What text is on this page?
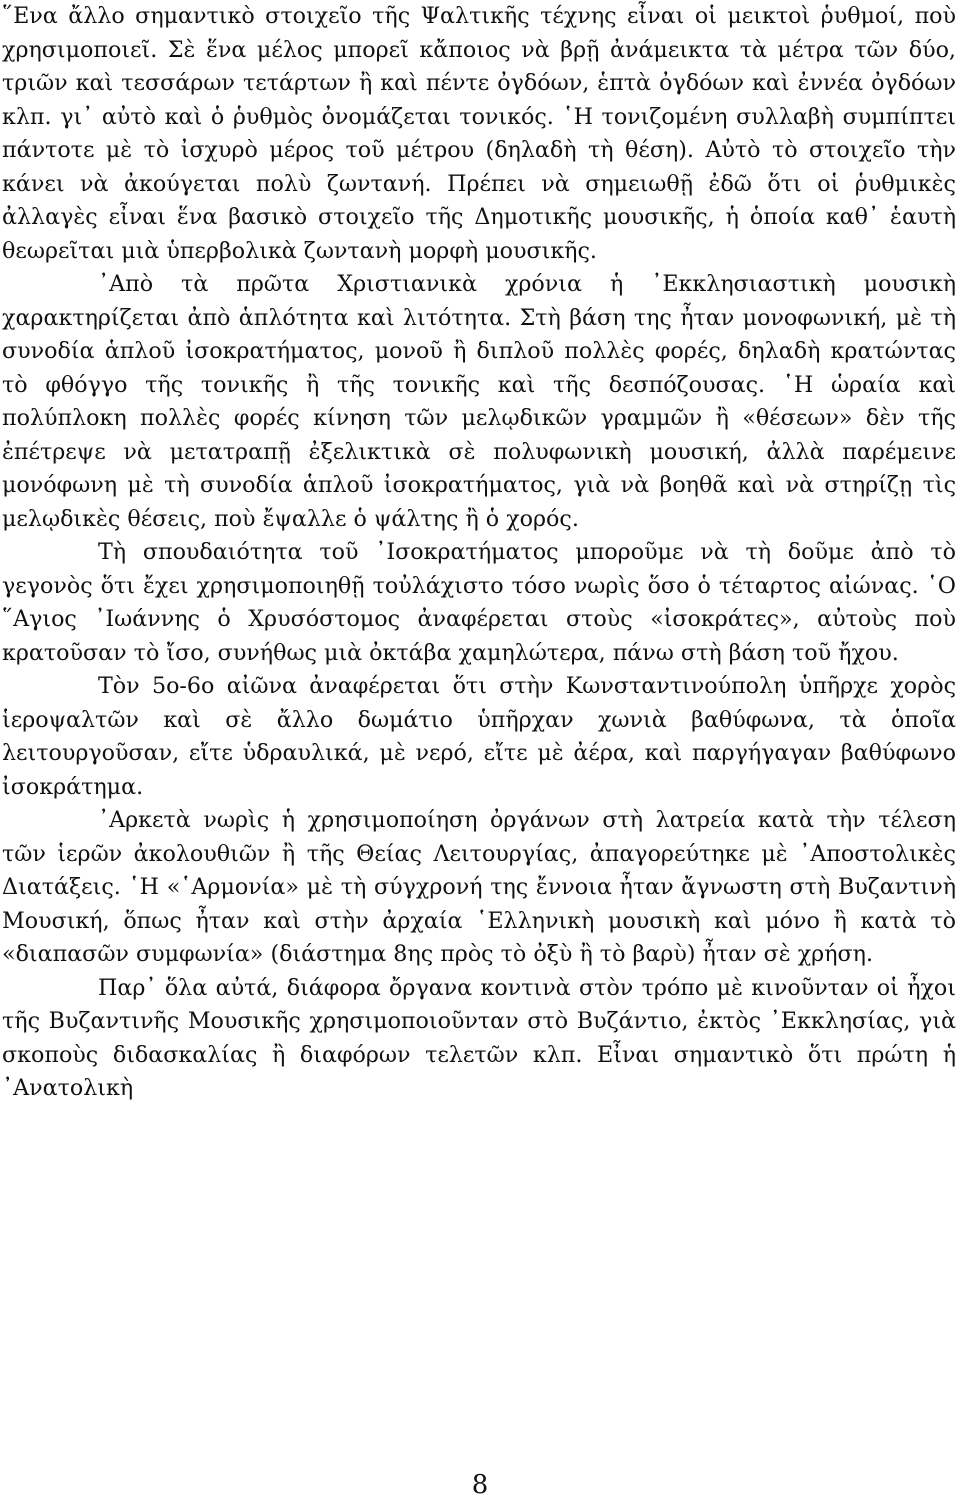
῞Ενα ἄλλο σημαντικὸ στοιχεῖο τῆς Ψαλτικῆς τέχνης εἶναι οἱ μεικτοὶ ῥυθμοί, ποὺ χρησιμοποιεῖ. Σὲ ἕνα μέλος μπορεῖ κἄποιος νὰ βρῇ ἀνάμεικτα τὰ μέτρα τῶν δύο, τριῶν καὶ τεσσάρων τετάρτων ἢ καὶ πέντε ὀγδόων, ἑπτὰ ὀγδόων καὶ ἐννέα ὀγδόων κλπ. γι᾿ αὐτὸ καὶ ὁ ῥυθμὸς ὀνομάζεται τονικός. ῾Η τονιζομένη συλλαβὴ συμπίπτει πάντοτε μὲ τὸ ἰσχυρὸ μέρος τοῦ μέτρου (δηλαδὴ τὴ θέση). Αὐτὸ τὸ στοιχεῖο τὴν κάνει νὰ ἀκούγεται πολὺ ζωντανή. Πρέπει νὰ σημειωθῇ ἐδῶ ὅτι οἱ ῥυθμικὲς ἀλλαγὲς εἶναι ἕνα βασικὸ στοιχεῖο τῆς Δημοτικῆς μουσικῆς, ἡ ὁποία καθ᾿ ἑαυτὴ θεωρεῖται μιὰ ὑπερβολικὰ ζωντανὴ μορφὴ μουσικῆς.

᾿Απὸ τὰ πρῶτα Χριστιανικὰ χρόνια ἡ ᾿Εκκλησιαστικὴ μουσικὴ χαρακτηρίζεται ἀπὸ ἁπλότητα καὶ λιτότητα. Στὴ βάση της ἦταν μονοφωνική, μὲ τὴ συνοδία ἁπλοῦ ἰσοκρατήματος, μονοῦ ἢ διπλοῦ πολλὲς φορές, δηλαδὴ κρατώντας τὸ φθόγγο τῆς τονικῆς ἢ τῆς τονικῆς καὶ τῆς δεσπόζουσας. ῾Η ὡραία καὶ πολύπλοκη πολλὲς φορές κίνηση τῶν μελῳδικῶν γραμμῶν ἢ «θέσεων» δὲν τῆς ἐπέτρεψε νὰ μετατραπῇ ἐξελικτικὰ σὲ πολυφωνικὴ μουσική, ἀλλὰ παρέμεινε μονόφωνη μὲ τὴ συνοδία ἁπλοῦ ἰσοκρατήματος, γιὰ νὰ βοηθᾶ καὶ νὰ στηρίζῃ τὶς μελῳδικὲς θέσεις, ποὺ ἔψαλλε ὁ ψάλτης ἢ ὁ χορός.

Τὴ σπουδαιότητα τοῦ ᾿Ισοκρατήματος μποροῦμε νὰ τὴ δοῦμε ἀπὸ τὸ γεγονὸς ὅτι ἔχει χρησιμοποιηθῇ τοὐλάχιστο τόσο νωρὶς ὅσο ὁ τέταρτος αἰώνας. ῾Ο ῞Αγιος ᾿Ιωάννης ὁ Χρυσόστομος ἀναφέρεται στοὺς «ἰσοκράτες», αὐτοὺς ποὺ κρατοῦσαν τὸ ἴσο, συνήθως μιὰ ὀκτάβα χαμηλώτερα, πάνω στὴ βάση τοῦ ἤχου.

Τὸν 5ο-6ο αἰῶνα ἀναφέρεται ὅτι στὴν Κωνσταντινούπολη ὑπῆρχε χορὸς ἱεροψαλτῶν καὶ σὲ ἄλλο δωμάτιο ὑπῆρχαν χωνιὰ βαθύφωνα, τὰ ὁποῖα λειτουργοῦσαν, εἴτε ὑδραυλικά, μὲ νερό, εἴτε μὲ ἀέρα, καὶ παργήγαγαν βαθύφωνο ἰσοκράτημα.

᾿Αρκετὰ νωρὶς ἡ χρησιμοποίηση ὀργάνων στὴ λατρεία κατὰ τὴν τέλεση τῶν ἱερῶν ἀκολουθιῶν ἢ τῆς Θείας Λειτουργίας, ἀπαγορεύτηκε μὲ ᾿Αποστολικὲς Διατάξεις. ῾Η «῾Αρμονία» μὲ τὴ σύγχρονή της ἔννοια ἦταν ἄγνωστη στὴ Βυζαντινὴ Μουσική, ὅπως ἦταν καὶ στὴν ἀρχαία ῾Ελληνικὴ μουσικὴ καὶ μόνο ἢ κατὰ τὸ «διαπασῶν συμφωνία» (διάστημα 8ης πρὸς τὸ ὀξὺ ἢ τὸ βαρὺ) ἦταν σὲ χρήση.

Παρ᾿ ὅλα αὐτά, διάφορα ὄργανα κοντινὰ στὸν τρόπο μὲ κινοῦνταν οἱ ἦχοι τῆς Βυζαντινῆς Μουσικῆς χρησιμοποιοῦνταν στὸ Βυζάντιο, ἐκτὸς ᾿Εκκλησίας, γιὰ σκοποὺς διδασκαλίας ἢ διαφόρων τελετῶν κλπ. Εἶναι σημαντικὸ ὅτι πρώτη ἡ ᾿Ανατολικὴ

8
